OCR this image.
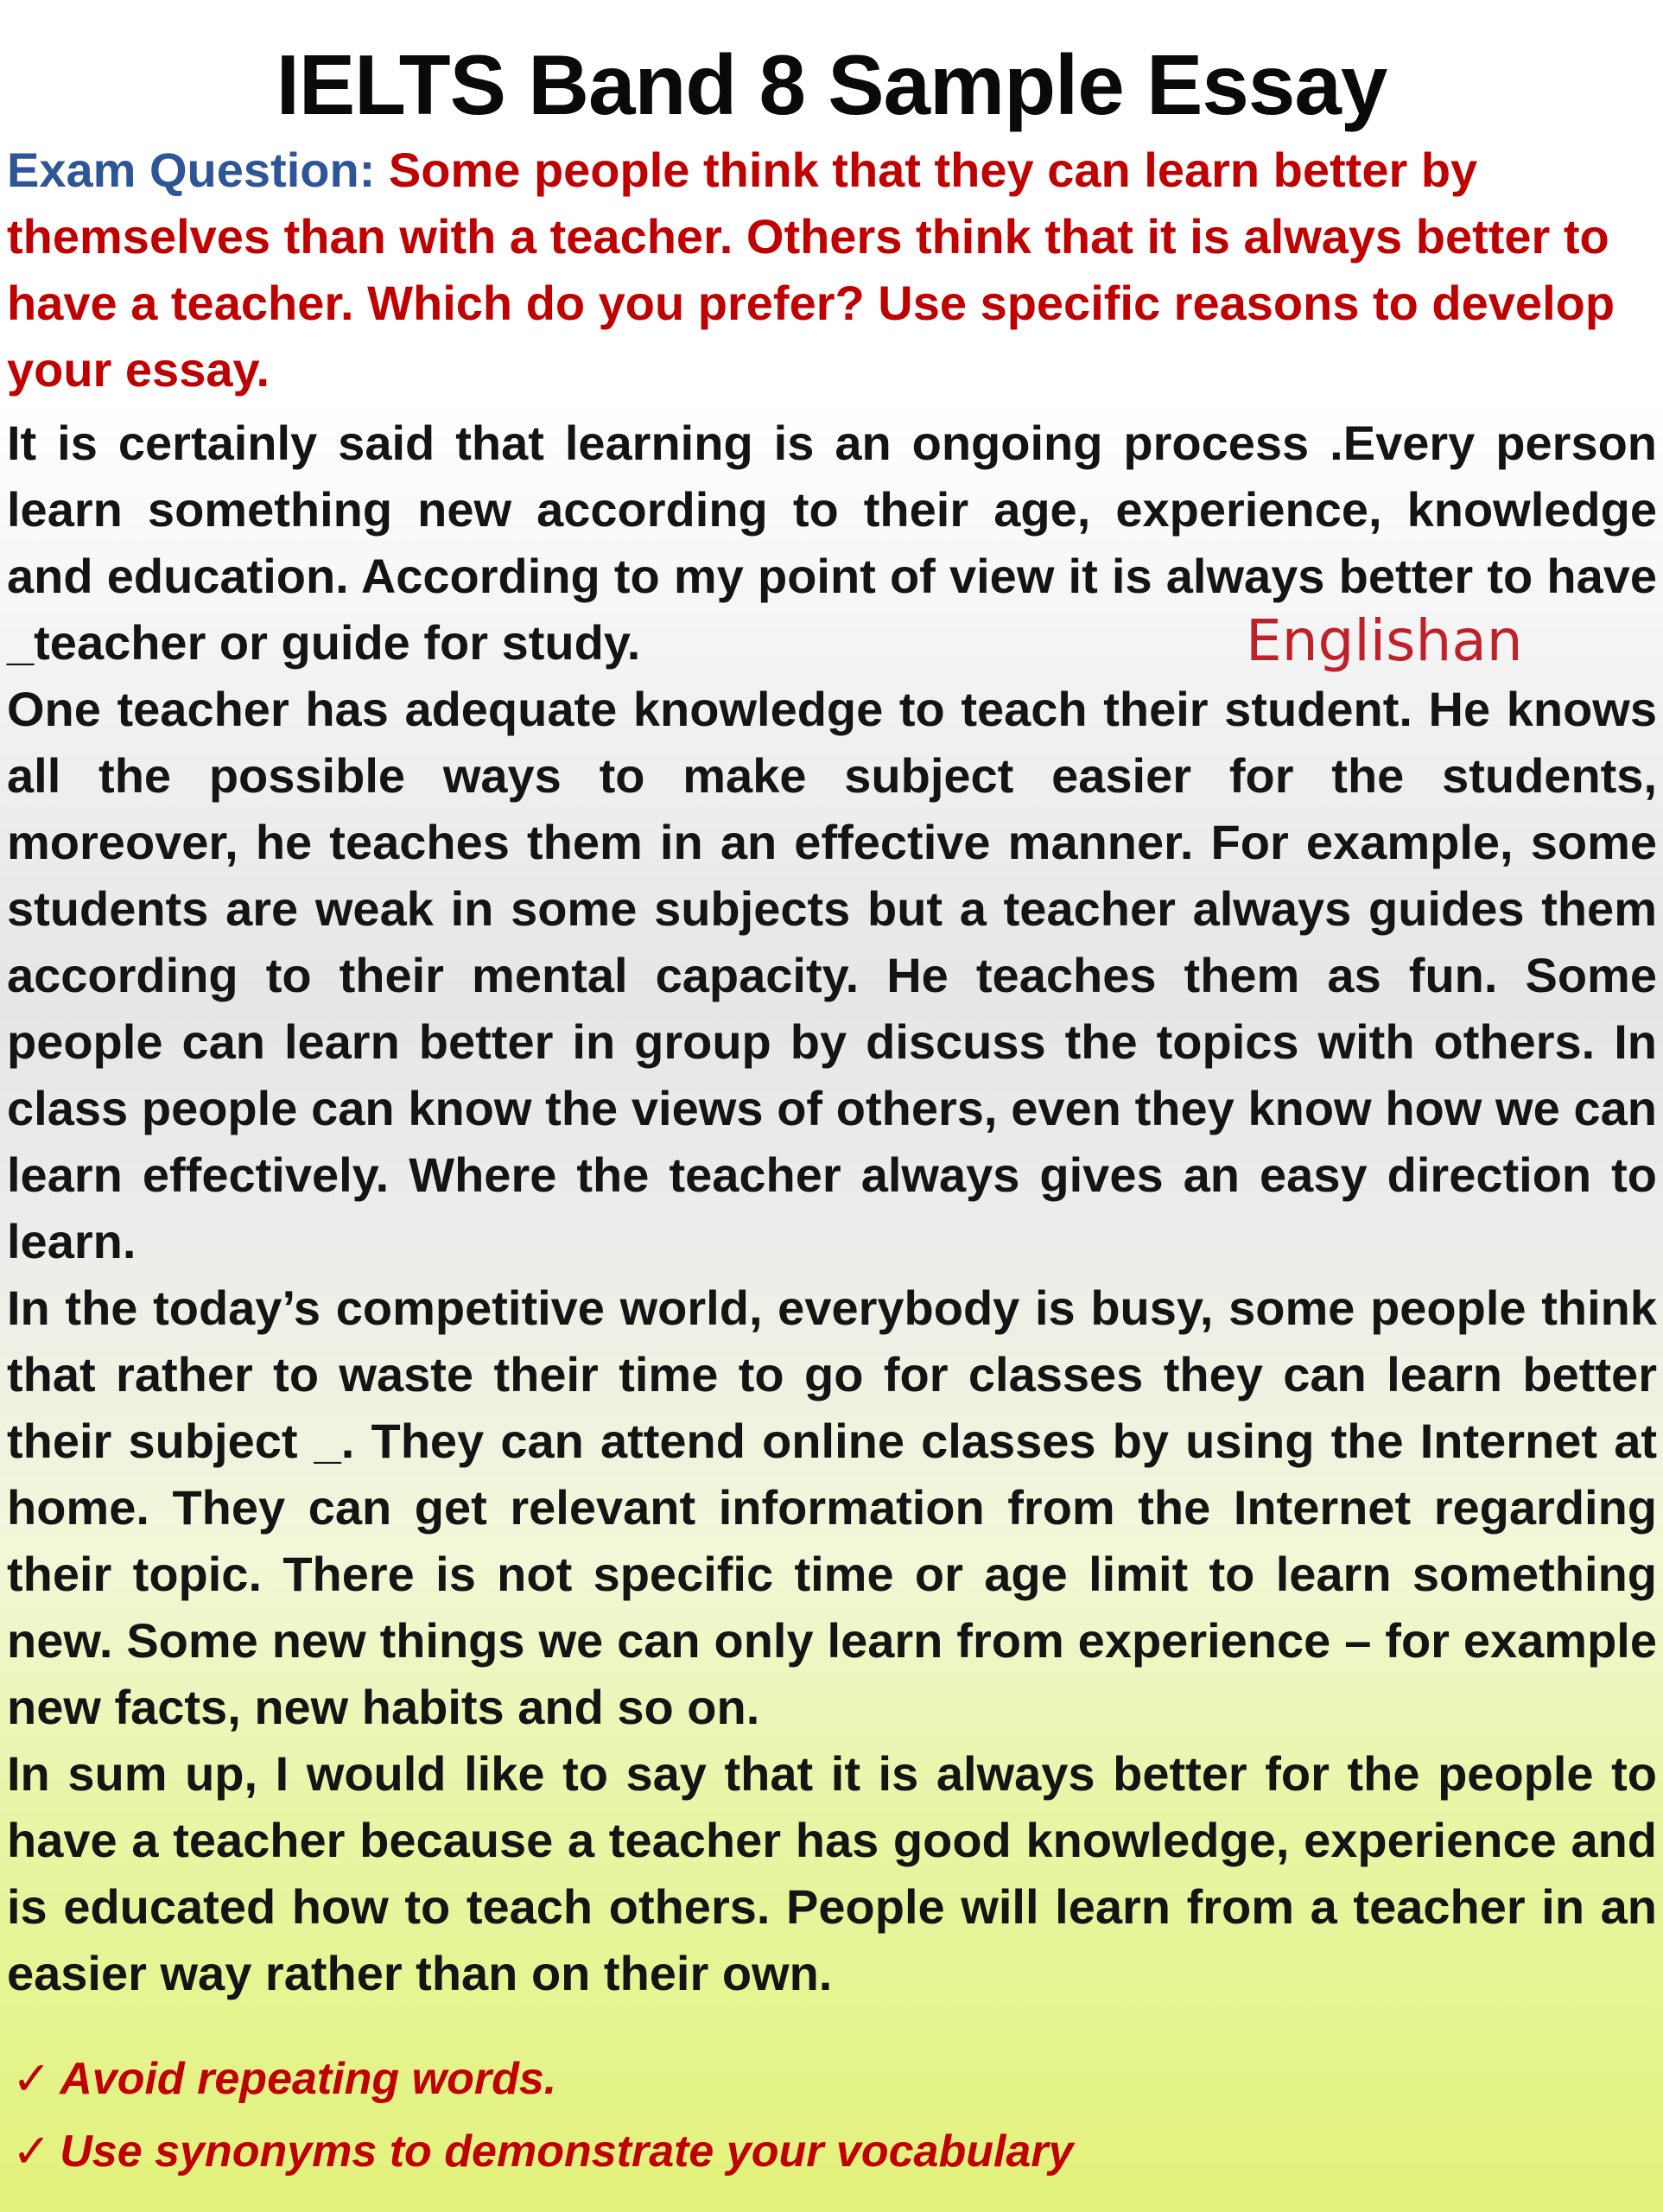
IELTS Band 8 Sample Essay
Exam Question: Some people think that they can learn better by themselves than with a teacher. Others think that it is always better to have a teacher. Which do you prefer? Use specific reasons to develop your essay.

It is certainly said that learning is an ongoing process .Every person learn something new according to their age, experience, knowledge and education. According to my point of view it is always better to have _teacher or guide for study.

One teacher has adequate knowledge to teach their student. He knows all the possible ways to make subject easier for the students, moreover, he teaches them in an effective manner. For example, some students are weak in some subjects but a teacher always guides them according to their mental capacity. He teaches them as fun. Some people can learn better in group by discuss the topics with others. In class people can know the views of others, even they know how we can learn effectively. Where the teacher always gives an easy direction to learn.

In the today’s competitive world, everybody is busy, some people think that rather to waste their time to go for classes they can learn better their subject _. They can attend online classes by using the Internet at home. They can get relevant information from the Internet regarding their topic. There is not specific time or age limit to learn something new. Some new things we can only learn from experience – for example new facts, new habits and so on.

In sum up, I would like to say that it is always better for the people to have a teacher because a teacher has good knowledge, experience and is educated how to teach others. People will learn from a teacher in an easier way rather than on their own.

Englishan
✓ Avoid repeating words.
✓ Use synonyms to demonstrate your vocabulary
